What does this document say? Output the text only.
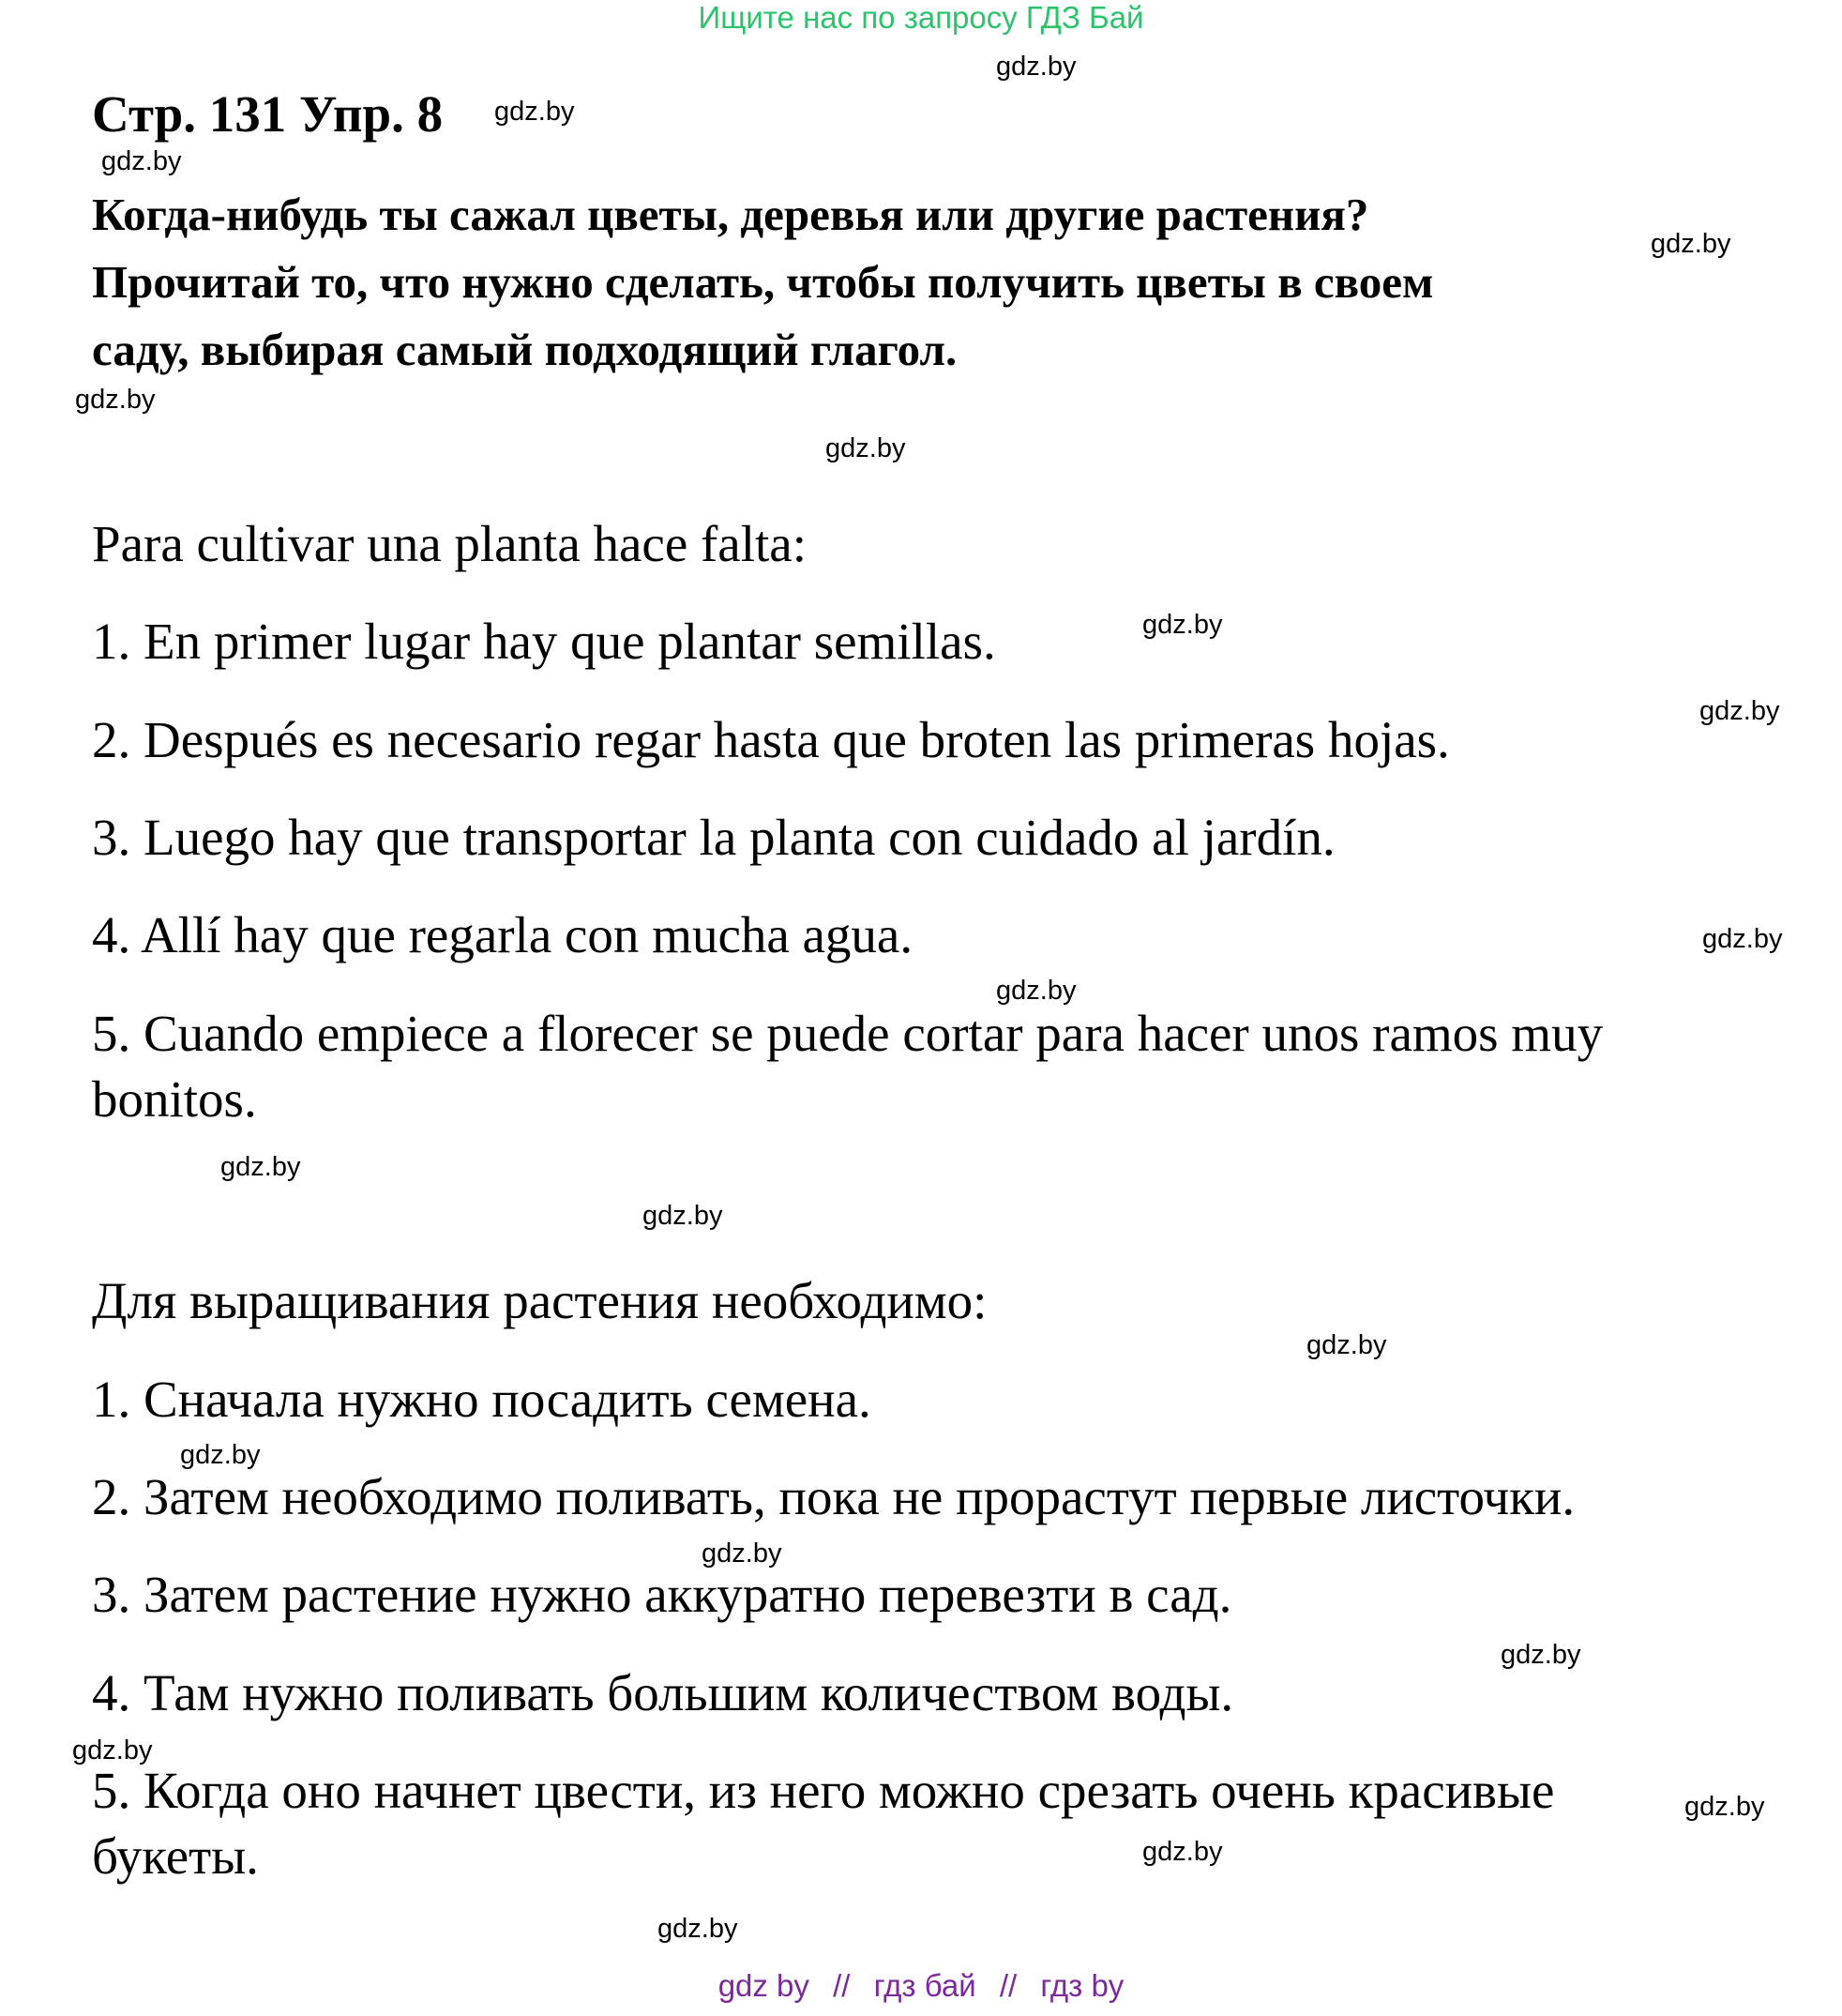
Ищите нас по запросу ГДЗ Бай
Стр. 131 Упр. 8
Когда-нибудь ты сажал цветы, деревья или другие растения?
Прочитай то, что нужно сделать, чтобы получить цветы в своем
саду, выбирая самый подходящий глагол.
Para cultivar una planta hace falta:
1. En primer lugar hay que plantar semillas.
2. Después es necesario regar hasta que broten las primeras hojas.
3. Luego hay que transportar la planta con cuidado al jardín.
4. Allí hay que regarla con mucha agua.
5. Cuando empiece a florecer se puede cortar para hacer unos ramos muy
bonitos.
Для выращивания растения необходимо:
1. Сначала нужно посадить семена.
2. Затем необходимо поливать, пока не прорастут первые листочки.
3. Затем растение нужно аккуратно перевезти в сад.
4. Там нужно поливать большим количеством воды.
5. Когда оно начнет цвести, из него можно срезать очень красивые
букеты.
gdz.by
gdz.by
gdz.by
gdz.by
gdz.by
gdz.by
gdz.by
gdz.by
gdz.by
gdz.by
gdz.by
gdz.by
gdz.by
gdz.by
gdz.by
gdz.by
gdz.by
gdz.by
gdz.by
gdz.by
gdz by // гдз бай // гдз by
